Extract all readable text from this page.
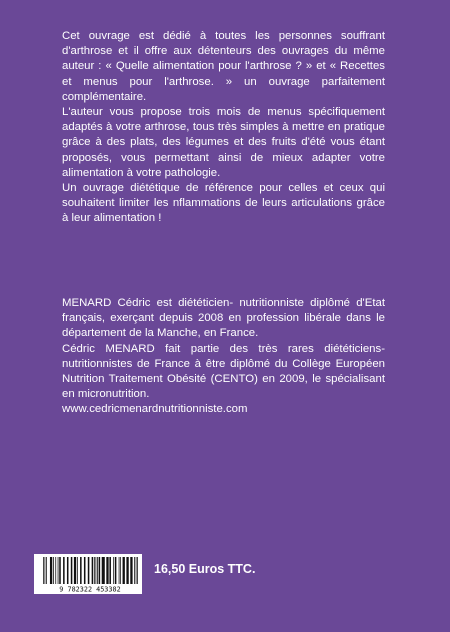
Cet ouvrage est dédié à toutes les personnes souffrant d'arthrose et il offre aux détenteurs des ouvrages du même auteur : « Quelle alimentation pour l'arthrose ? » et « Recettes et menus pour l'arthrose. » un ouvrage parfaitement complémentaire.

L'auteur vous propose trois mois de menus spécifiquement adaptés à votre arthrose, tous très simples à mettre en pratique grâce à des plats, des légumes et des fruits d'été vous étant proposés, vous permettant ainsi de mieux adapter votre alimentation à votre pathologie.

Un ouvrage diététique de référence pour celles et ceux qui souhaitent limiter les nflammations de leurs articulations grâce à leur alimentation !

MENARD Cédric est diététicien- nutritionniste diplômé d'Etat français, exerçant depuis 2008 en profession libérale dans le département de la Manche, en France.

Cédric MENARD fait partie des très rares diététiciens-nutritionnistes de France à être diplômé du Collège Européen Nutrition Traitement Obésité (CENTO) en 2009, le spécialisant en micronutrition.

www.cedricmenardnutritionniste.com

9 782322 453382
16,50 Euros TTC.
